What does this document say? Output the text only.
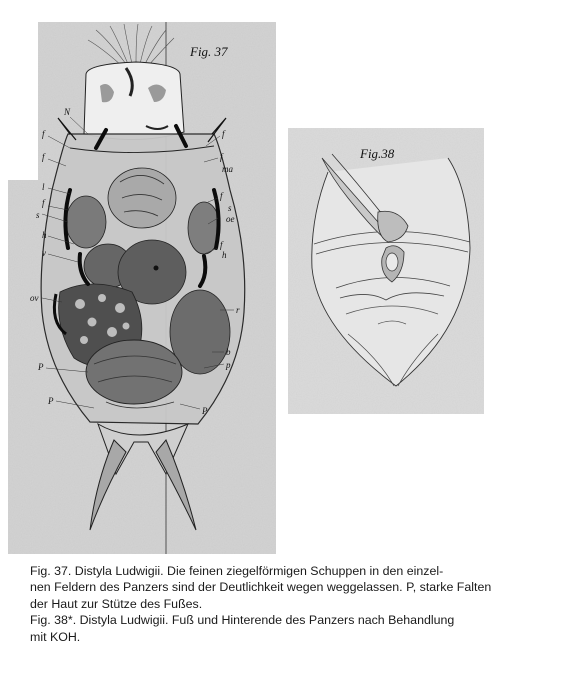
Fig. 37
N
f
f
l
f
s
h
v
ov
P
P
f
f
ma
f
s
oe
f
h
r
b
p
P
Fig.38

Fig. 37. Distyla Ludwigii. Die feinen ziegelförmigen Schuppen in den einzel-

nen Feldern des Panzers sind der Deutlichkeit wegen weggelassen. P, starke Falten

der Haut zur Stütze des Fußes.

Fig. 38*. Distyla Ludwigii. Fuß und Hinterende des Panzers nach Behandlung

mit KOH.
